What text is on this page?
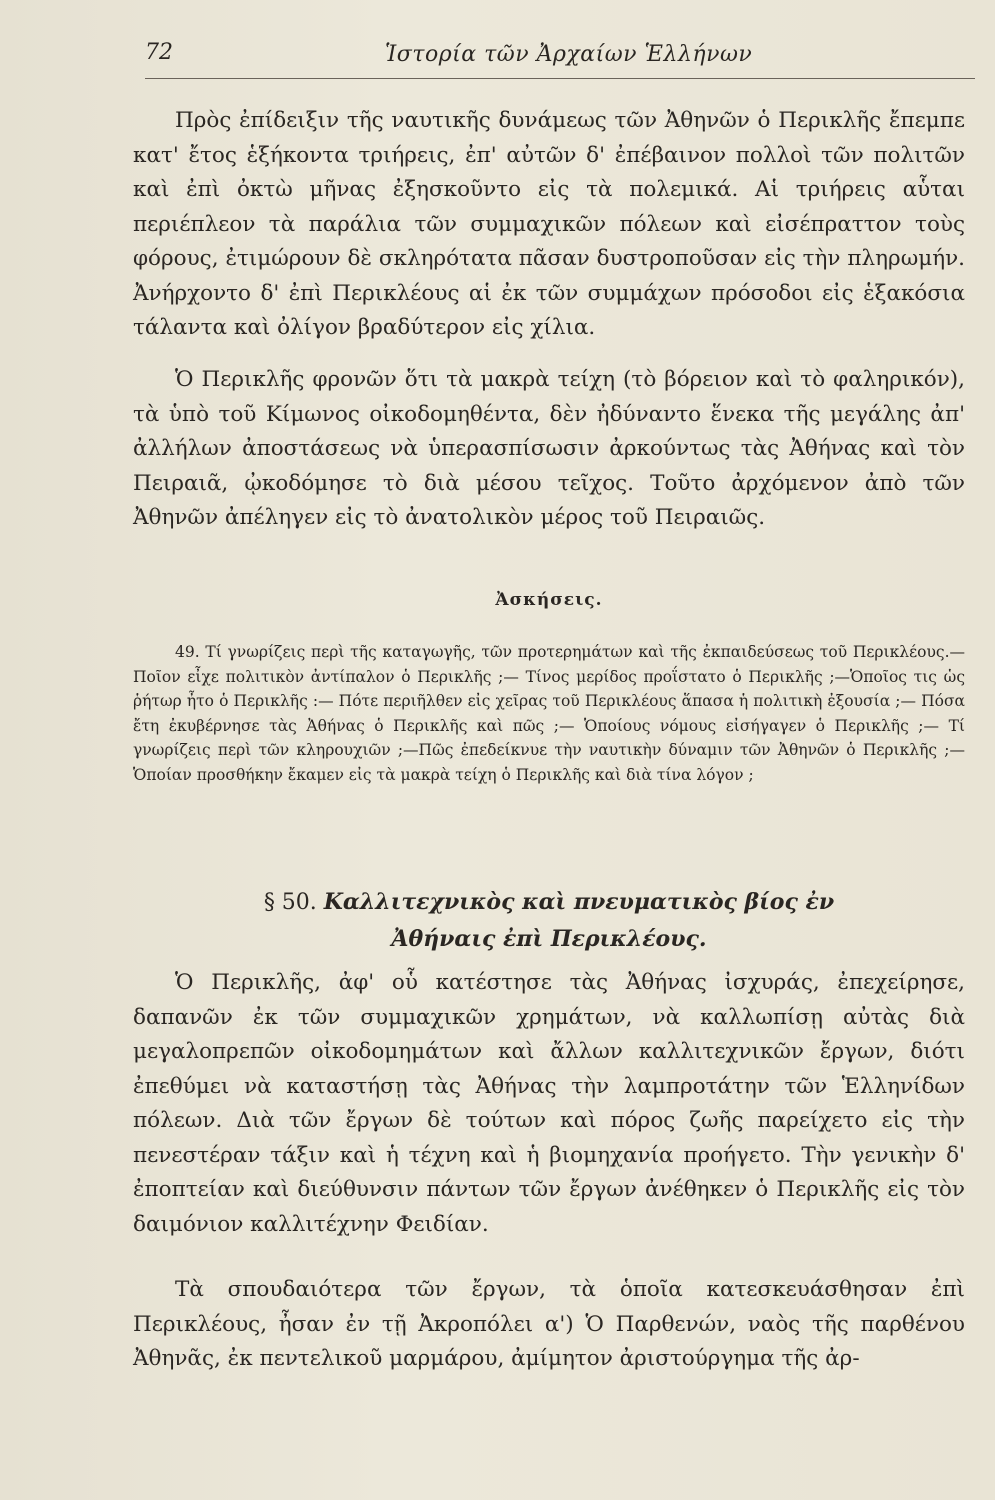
72	Ἱστορία τῶν Ἀρχαίων Ἑλλήνων

Πρὸς ἐπίδειξιν τῆς ναυτικῆς δυνάμεως τῶν Ἀθηνῶν ὁ Περικλῆς ἔπεμπε κατ' ἔτος ἑξήκοντα τριήρεις, ἐπ' αὐτῶν δ' ἐπέβαινον πολλοὶ τῶν πολιτῶν καὶ ἐπὶ ὀκτὼ μῆνας ἐξησκοῦντο εἰς τὰ πολεμικά. Αἱ τριήρεις αὗται περιέπλεον τὰ παράλια τῶν συμμαχικῶν πόλεων καὶ εἰσέπραττον τοὺς φόρους, ἐτιμώρουν δὲ σκληρότατα πᾶσαν δυστροποῦσαν εἰς τὴν πληρωμήν. Ἀνήρχοντο δ' ἐπὶ Περικλέους αἱ ἐκ τῶν συμμάχων πρόσοδοι εἰς ἑξακόσια τάλαντα καὶ ὀλίγον βραδύτερον εἰς χίλια.

Ὁ Περικλῆς φρονῶν ὅτι τὰ μακρὰ τείχη (τὸ βόρειον καὶ τὸ φαληρικόν), τὰ ὑπὸ τοῦ Κίμωνος οἰκοδομηθέντα, δὲν ἠδύναντο ἕνεκα τῆς μεγάλης ἀπ' ἀλλήλων ἀποστάσεως νὰ ὑπερασπίσωσιν ἀρκούντως τὰς Ἀθήνας καὶ τὸν Πειραιᾶ, ᾠκοδόμησε τὸ διὰ μέσου τεῖχος. Τοῦτο ἀρχόμενον ἀπὸ τῶν Ἀθηνῶν ἀπέληγεν εἰς τὸ ἀνατολικὸν μέρος τοῦ Πειραιῶς.

Ἀσκήσεις.

49. Τί γνωρίζεις περὶ τῆς καταγωγῆς, τῶν προτερημάτων καὶ τῆς ἐκπαιδεύσεως τοῦ Περικλέους.— Ποῖον εἶχε πολιτικὸν ἀντίπαλον ὁ Περικλῆς ;— Τίνος μερίδος προΐστατο ὁ Περικλῆς ;—Ὁποῖος τις ὡς ῥήτωρ ἦτο ὁ Περικλῆς :— Πότε περιῆλθεν εἰς χεῖρας τοῦ Περικλέους ἅπασα ἡ πολιτικὴ ἐξουσία ;— Πόσα ἔτη ἐκυβέρνησε τὰς Ἀθήνας ὁ Περικλῆς καὶ πῶς ;— Ὁποίους νόμους εἰσήγαγεν ὁ Περικλῆς ;— Τί γνωρίζεις περὶ τῶν κληρουχιῶν ;—Πῶς ἐπεδείκνυε τὴν ναυτικὴν δύναμιν τῶν Ἀθηνῶν ὁ Περικλῆς ;— Ὁποίαν προσθήκην ἔκαμεν εἰς τὰ μακρὰ τείχη ὁ Περικλῆς καὶ διὰ τίνα λόγον ;

§ 50. Καλλιτεχνικὸς καὶ πνευματικὸς βίος ἐν
Ἀθήναις ἐπὶ Περικλέους.

Ὁ Περικλῆς, ἀφ' οὗ κατέστησε τὰς Ἀθήνας ἰσχυράς, ἐπεχείρησε, δαπανῶν ἐκ τῶν συμμαχικῶν χρημάτων, νὰ καλλωπίσῃ αὐτὰς διὰ μεγαλοπρεπῶν οἰκοδομημάτων καὶ ἄλλων καλλιτεχνικῶν ἔργων, διότι ἐπεθύμει νὰ καταστήσῃ τὰς Ἀθήνας τὴν λαμπροτάτην τῶν Ἑλληνίδων πόλεων. Διὰ τῶν ἔργων δὲ τούτων καὶ πόρος ζωῆς παρείχετο εἰς τὴν πενεστέραν τάξιν καὶ ἡ τέχνη καὶ ἡ βιομηχανία προήγετο. Τὴν γενικὴν δ' ἐποπτείαν καὶ διεύθυνσιν πάντων τῶν ἔργων ἀνέθηκεν ὁ Περικλῆς εἰς τὸν δαιμόνιον καλλιτέχνην Φειδίαν.

Τὰ σπουδαιότερα τῶν ἔργων, τὰ ὁποῖα κατεσκευάσθησαν ἐπὶ Περικλέους, ἦσαν ἐν τῇ Ἀκροπόλει α') Ὁ Παρθενών, ναὸς τῆς παρθένου Ἀθηνᾶς, ἐκ πεντελικοῦ μαρμάρου, ἀμίμητον ἀριστούργημα τῆς ἀρ-
